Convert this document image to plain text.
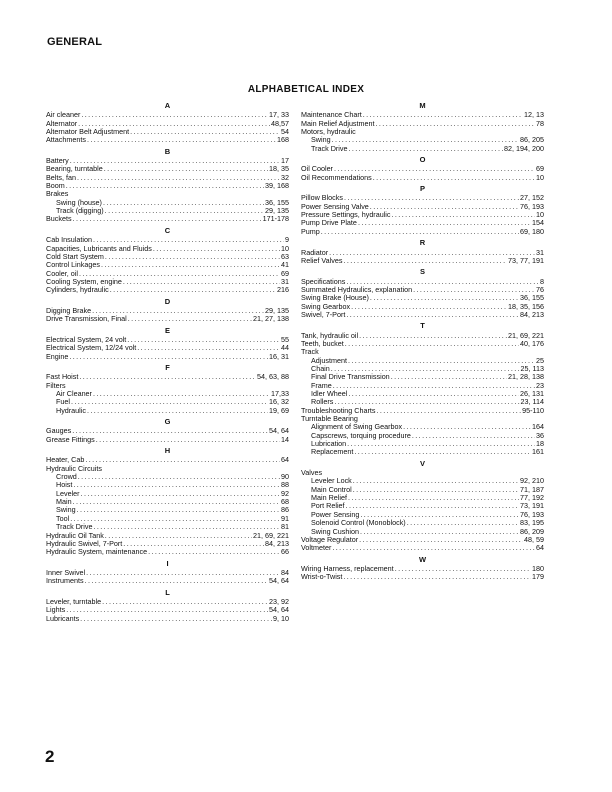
GENERAL
ALPHABETICAL INDEX
A
Air cleaner .....	17, 33
Alternator .....	48,57
Alternator Belt Adjustment .....	54
Attachments .....	168
B
Battery .....	17
Bearing, turntable .....	18, 35
Belts, fan .....	32
Boom .....	39, 168
Brakes
Swing (house) .....	36, 155
Track (digging) .....	29, 135
Buckets .....	171-178
C
Cab Insulation .....	9
Capacities, Lubricants and Fluids .....	10
Cold Start System .....	63
Control Linkages .....	41
Cooler, oil .....	69
Cooling System, engine .....	31
Cylinders, hydraulic .....	216
D
Digging Brake .....	29, 135
Drive Transmission, Final .....	21, 27, 138
E
Electrical System, 24 volt .....	55
Electrical System, 12/24 volt .....	44
Engine .....	16, 31
F
Fast Hoist .....	54, 63, 88
Filters
Air Cleaner .....	17,33
Fuel .....	16, 32
Hydraulic .....	19, 69
G
Gauges .....	54, 64
Grease Fittings .....	14
H
Heater, Cab .....	64
Hydraulic Circuits
Crowd .....	90
Hoist .....	88
Leveler .....	92
Main .....	68
Swing .....	86
Tool .....	91
Track Drive .....	81
Hydraulic Oil Tank .....	21, 69, 221
Hydraulic Swivel, 7-Port .....	84, 213
Hydraulic System, maintenance .....	66
I
Inner Swivel .....	84
Instruments .....	54, 64
L
Leveler, turntable .....	23, 92
Lights .....	54, 64
Lubricants .....	9, 10
M
Maintenance Chart .....	12, 13
Main Relief Adjustment .....	78
Motors, hydraulic
Swing .....	86, 205
Track Drive .....	82, 194, 200
O
Oil Cooler .....	69
Oil Recommendations .....	10
P
Pillow Blocks .....	27, 152
Power Sensing Valve .....	76, 193
Pressure Settings, hydraulic .....	10
Pump Drive Plate .....	154
Pump .....	69, 180
R
Radiator .....	31
Relief Valves .....	73, 77, 191
S
Specifications .....	8
Summated Hydraulics, explanation .....	76
Swing Brake (House) .....	36, 155
Swing Gearbox .....	18, 35, 156
Swivel, 7-Port .....	84, 213
T
Tank, hydraulic oil .....	21, 69, 221
Teeth, bucket .....	40, 176
Track
Adjustment .....	25
Chain .....	25, 113
Final Drive Transmission .....	21, 28, 138
Frame .....	23
Idler Wheel .....	26, 131
Rollers .....	23, 114
Troubleshooting Charts .....	95-110
Turntable Bearing
Alignment of Swing Gearbox .....	164
Capscrews, torquing procedure .....	36
Lubrication .....	18
Replacement .....	161
V
Valves
Leveler Lock .....	92, 210
Main Control .....	71, 187
Main Relief .....	77, 192
Port Relief .....	73, 191
Power Sensing .....	76, 193
Solenoid Control (Monoblock) .....	83, 195
Swing Cushion .....	86, 209
Voltage Regulator .....	48, 59
Voltmeter .....	64
W
Wiring Harness, replacement .....	180
Wrist-o-Twist .....	179
2
